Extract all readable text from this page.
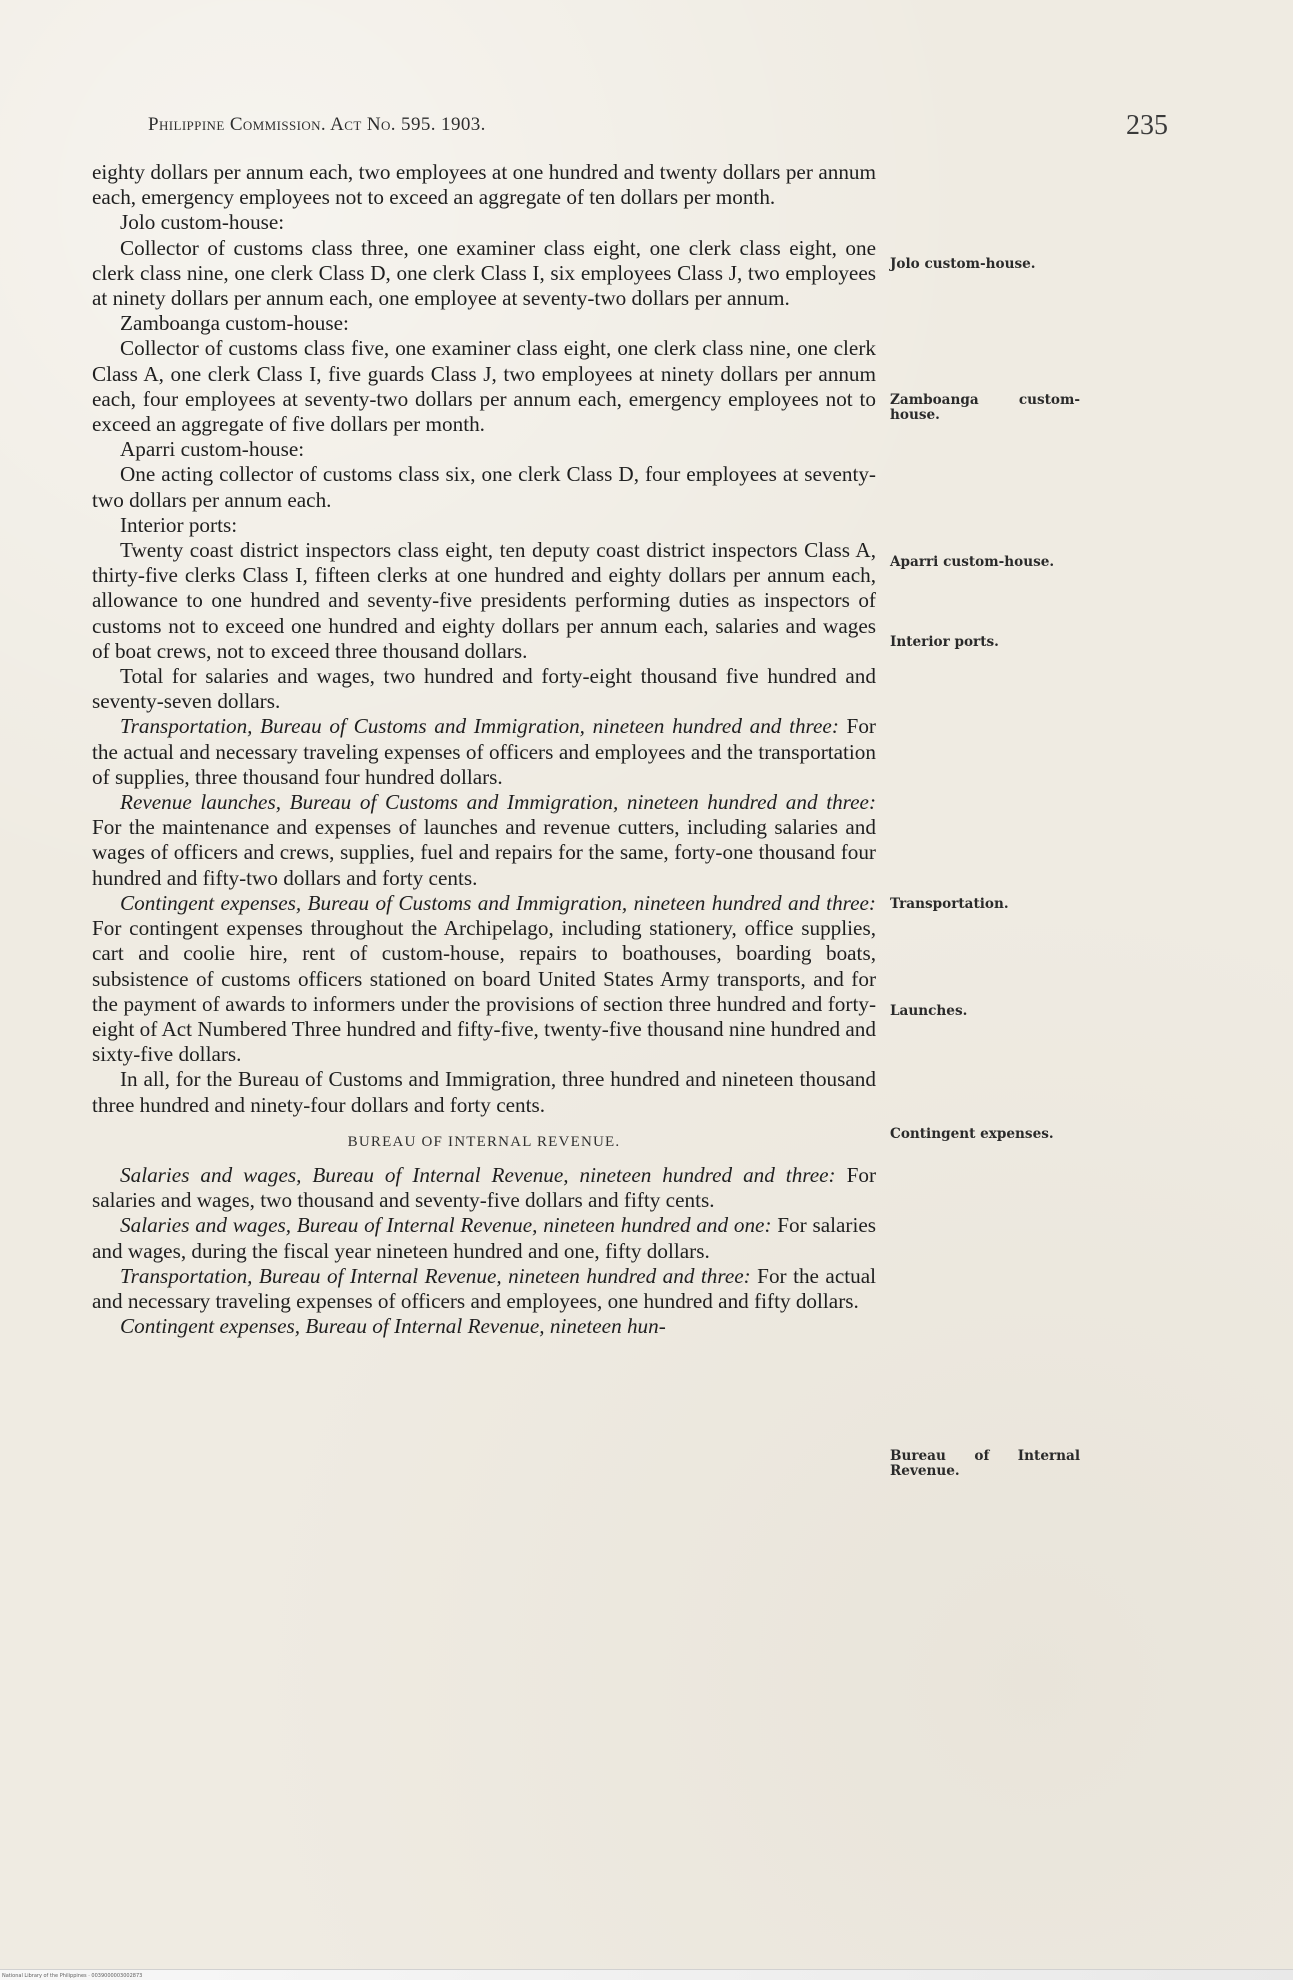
Philippine Commission. Act No. 595. 1903.	235

eighty dollars per annum each, two employees at one hundred and twenty dollars per annum each, emergency employees not to exceed an aggregate of ten dollars per month.

Jolo custom-house:

Collector of customs class three, one examiner class eight, one clerk class eight, one clerk class nine, one clerk Class D, one clerk Class I, six employees Class J, two employees at ninety dollars per annum each, one employee at seventy-two dollars per annum.

Zamboanga custom-house:

Collector of customs class five, one examiner class eight, one clerk class nine, one clerk Class A, one clerk Class I, five guards Class J, two employees at ninety dollars per annum each, four employees at seventy-two dollars per annum each, emergency employees not to exceed an aggregate of five dollars per month.

Aparri custom-house:

One acting collector of customs class six, one clerk Class D, four employees at seventy-two dollars per annum each.

Interior ports:

Twenty coast district inspectors class eight, ten deputy coast district inspectors Class A, thirty-five clerks Class I, fifteen clerks at one hundred and eighty dollars per annum each, allowance to one hundred and seventy-five presidents performing duties as inspectors of customs not to exceed one hundred and eighty dollars per annum each, salaries and wages of boat crews, not to exceed three thousand dollars.

Total for salaries and wages, two hundred and forty-eight thousand five hundred and seventy-seven dollars.

Transportation, Bureau of Customs and Immigration, nineteen hundred and three: For the actual and necessary traveling expenses of officers and employees and the transportation of supplies, three thousand four hundred dollars.

Revenue launches, Bureau of Customs and Immigration, nineteen hundred and three: For the maintenance and expenses of launches and revenue cutters, including salaries and wages of officers and crews, supplies, fuel and repairs for the same, forty-one thousand four hundred and fifty-two dollars and forty cents.

Contingent expenses, Bureau of Customs and Immigration, nineteen hundred and three: For contingent expenses throughout the Archipelago, including stationery, office supplies, cart and coolie hire, rent of custom-house, repairs to boathouses, boarding boats, subsistence of customs officers stationed on board United States Army transports, and for the payment of awards to informers under the provisions of section three hundred and forty-eight of Act Numbered Three hundred and fifty-five, twenty-five thousand nine hundred and sixty-five dollars.

In all, for the Bureau of Customs and Immigration, three hundred and nineteen thousand three hundred and ninety-four dollars and forty cents.

BUREAU OF INTERNAL REVENUE.

Salaries and wages, Bureau of Internal Revenue, nineteen hundred and three: For salaries and wages, two thousand and seventy-five dollars and fifty cents.

Salaries and wages, Bureau of Internal Revenue, nineteen hundred and one: For salaries and wages, during the fiscal year nineteen hundred and one, fifty dollars.

Transportation, Bureau of Internal Revenue, nineteen hundred and three: For the actual and necessary traveling expenses of officers and employees, one hundred and fifty dollars.

Contingent expenses, Bureau of Internal Revenue, nineteen hun-

Jolo custom-house.
Zamboanga custom-house.
Aparri custom-house.
Interior ports.
Transportation.
Launches.
Contingent expenses.
Bureau of Internal Revenue.
National Library of the Philippines · 0039000003002873
